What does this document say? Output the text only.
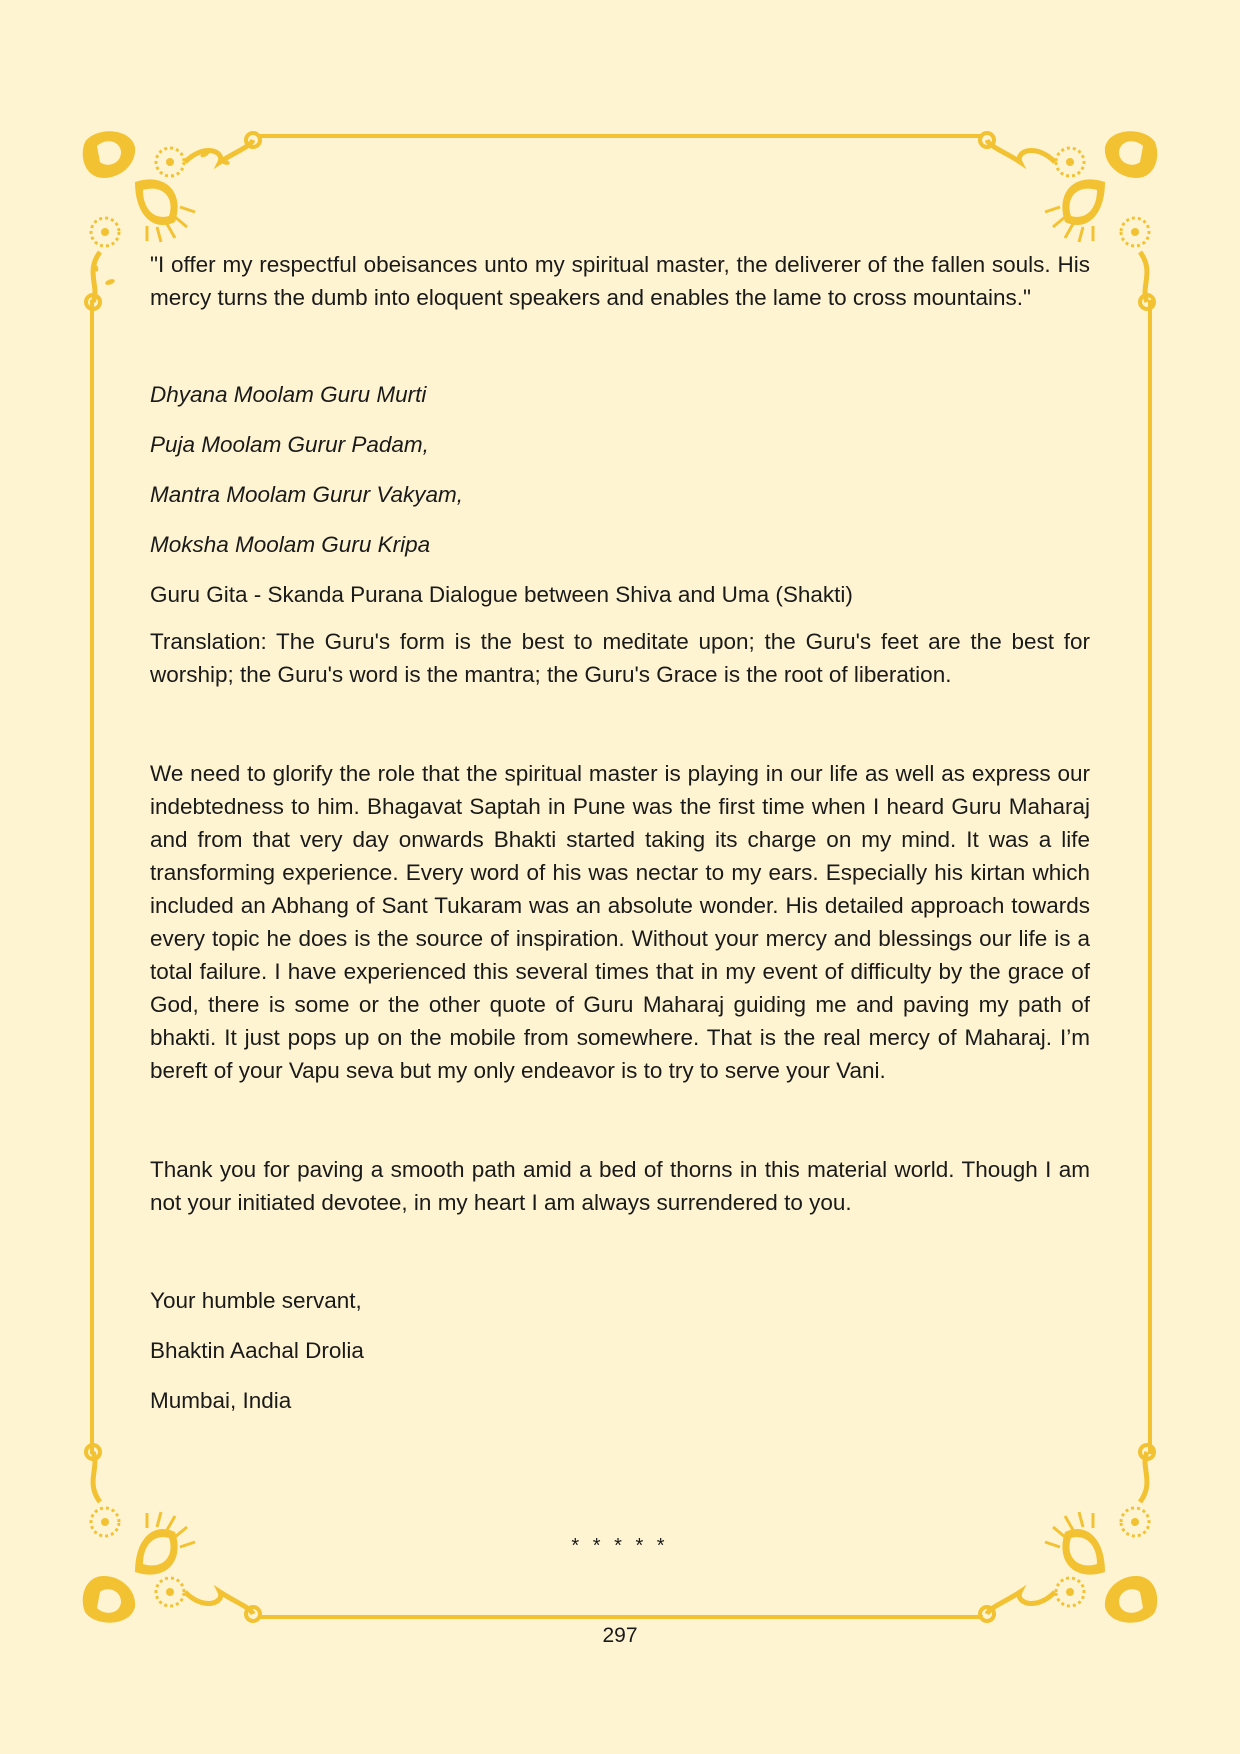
"I offer my respectful obeisances unto my spiritual master, the deliverer of the fallen souls. His mercy turns the dumb into eloquent speakers and enables the lame to cross mountains."

Dhyana Moolam Guru Murti

Puja Moolam Gurur Padam,

Mantra Moolam Gurur Vakyam,

Moksha Moolam Guru Kripa

Guru Gita - Skanda Purana Dialogue between Shiva and Uma (Shakti)

Translation: The Guru's form is the best to meditate upon; the Guru's feet are the best for worship; the Guru's word is the mantra; the Guru's Grace is the root of liberation.

We need to glorify the role that the spiritual master is playing in our life as well as express our indebtedness to him. Bhagavat Saptah in Pune was the first time when I heard Guru Maharaj and from that very day onwards Bhakti started taking its charge on my mind. It was a life transforming experience. Every word of his was nectar to my ears. Especially his kirtan which included an Abhang of Sant Tukaram was an absolute wonder. His detailed approach towards every topic he does is the source of inspiration. Without your mercy and blessings our life is a total failure. I have experienced this several times that in my event of difficulty by the grace of God, there is some or the other quote of Guru Maharaj guiding me and paving my path of bhakti. It just pops up on the mobile from somewhere. That is the real mercy of Maharaj. I’m bereft of your Vapu seva but my only endeavor is to try to serve your Vani.

Thank you for paving a smooth path amid a bed of thorns in this material world. Though I am not your initiated devotee, in my heart I am always surrendered to you.

Your humble servant,

Bhaktin Aachal Drolia

Mumbai, India

* * * * *
297
